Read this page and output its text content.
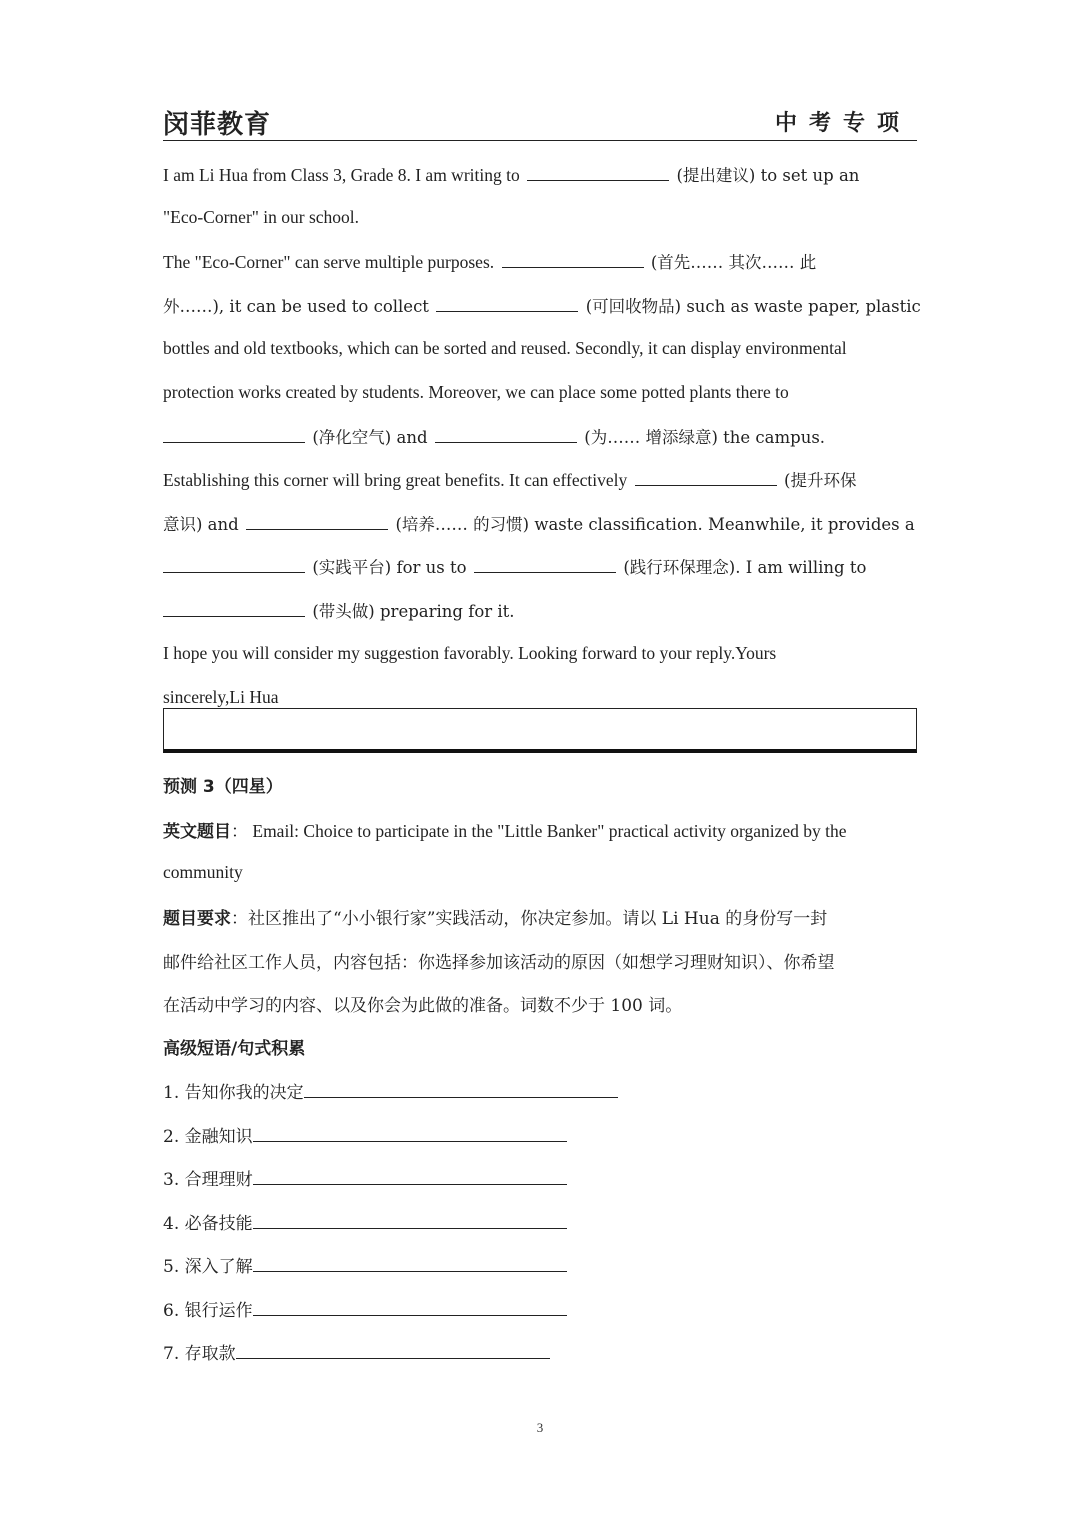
闵菲教育	中考专项
I am Li Hua from Class 3, Grade 8. I am writing to	(提出建议) to set up an
"Eco-Corner" in our school.
The "Eco-Corner" can serve multiple purposes.	(首先…… 其次…… 此
外……), it can be used to collect	(可回收物品) such as waste paper, plastic
bottles and old textbooks, which can be sorted and reused. Secondly, it can display environmental
protection works created by students. Moreover, we can place some potted plants there to
(净化空气) and	(为…… 增添绿意) the campus.
Establishing this corner will bring great benefits. It can effectively	(提升环保
意识) and	(培养…… 的习惯) waste classification. Meanwhile, it provides a
(实践平台) for us to	(践行环保理念). I am willing to
(带头做) preparing for it.
I hope you will consider my suggestion favorably. Looking forward to your reply.Yours
sincerely,Li Hua
预测 3（四星）
英文题目： Email: Choice to participate in the "Little Banker" practical activity organized by the
community
题目要求：社区推出了“小小银行家”实践活动，你决定参加。请以 Li Hua 的身份写一封
邮件给社区工作人员，内容包括：你选择参加该活动的原因（如想学习理财知识）、你希望
在活动中学习的内容、以及你会为此做的准备。词数不少于 100 词。
高级短语/句式积累
1. 告知你我的决定
2. 金融知识
3. 合理理财
4. 必备技能
5. 深入了解
6. 银行运作
7. 存取款
3
